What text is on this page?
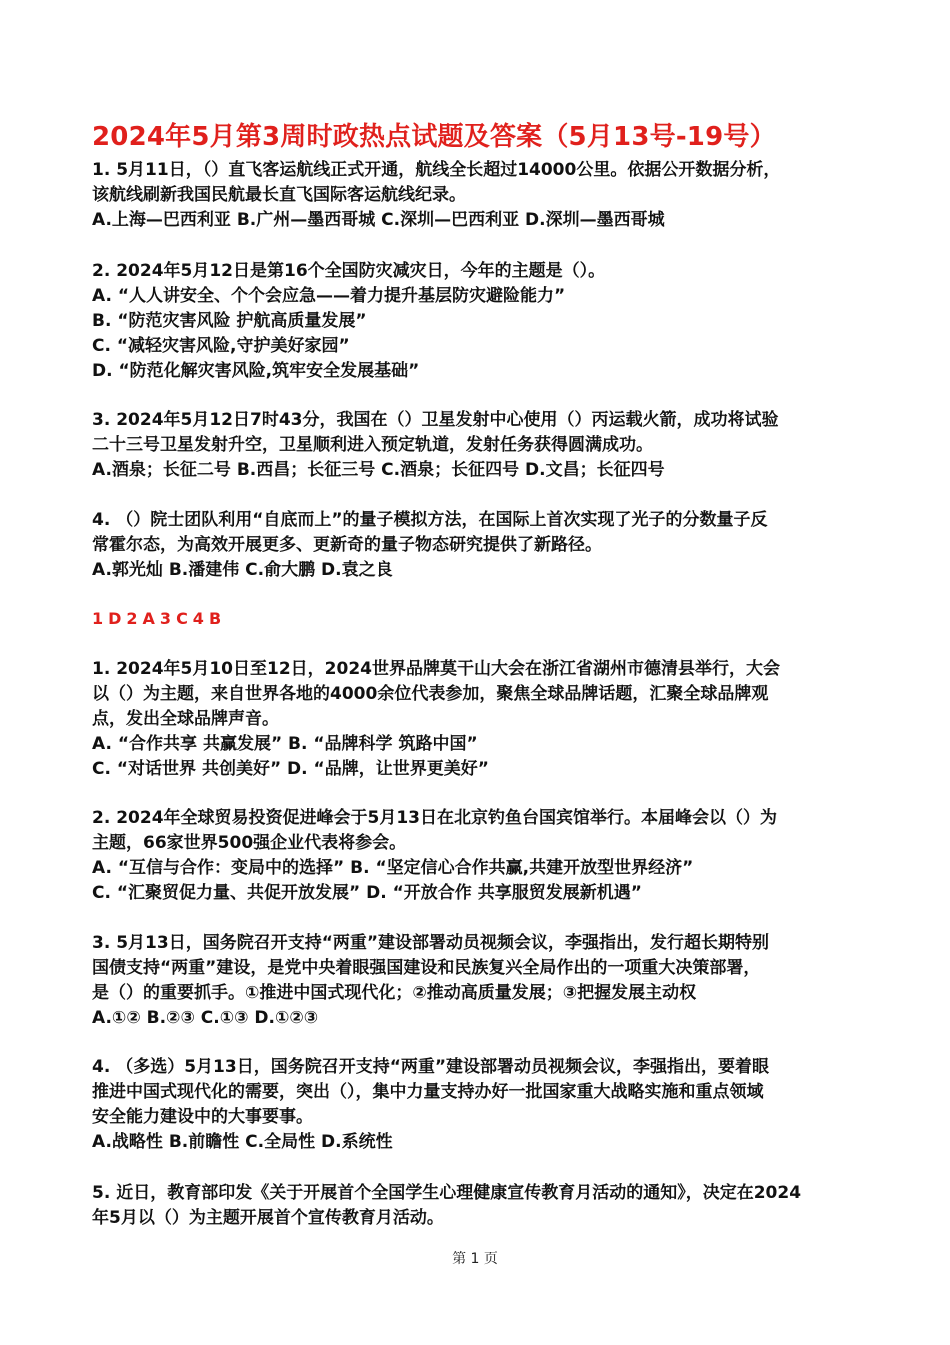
2024年5月第3周时政热点试题及答案（5月13号-19号）
1. 5月11日，（）直飞客运航线正式开通，航线全长超过14000公里。依据公开数据分析，
该航线刷新我国民航最长直飞国际客运航线纪录。
A.上海—巴西利亚 B.广州—墨西哥城 C.深圳—巴西利亚 D.深圳—墨西哥城
2. 2024年5月12日是第16个全国防灾减灾日，今年的主题是（）。
A. “人人讲安全、个个会应急——着力提升基层防灾避险能力”
B. “防范灾害风险 护航高质量发展”
C. “减轻灾害风险,守护美好家园”
D. “防范化解灾害风险,筑牢安全发展基础”
3. 2024年5月12日7时43分，我国在（）卫星发射中心使用（）丙运载火箭，成功将试验
二十三号卫星发射升空，卫星顺利进入预定轨道，发射任务获得圆满成功。
A.酒泉；长征二号 B.西昌；长征三号 C.酒泉；长征四号 D.文昌；长征四号
4. （）院士团队利用“自底而上”的量子模拟方法，在国际上首次实现了光子的分数量子反
常霍尔态，为高效开展更多、更新奇的量子物态研究提供了新路径。
A.郭光灿 B.潘建伟 C.俞大鹏 D.袁之良
1D2A3C4B
1. 2024年5月10日至12日，2024世界品牌莫干山大会在浙江省湖州市德清县举行，大会
以（）为主题，来自世界各地的4000余位代表参加，聚焦全球品牌话题，汇聚全球品牌观
点，发出全球品牌声音。
A. “合作共享 共赢发展” B. “品牌科学 筑路中国”
C. “对话世界 共创美好” D. “品牌，让世界更美好”
2. 2024年全球贸易投资促进峰会于5月13日在北京钓鱼台国宾馆举行。本届峰会以（）为
主题，66家世界500强企业代表将参会。
A. “互信与合作：变局中的选择” B. “坚定信心合作共赢,共建开放型世界经济”
C. “汇聚贸促力量、共促开放发展” D. “开放合作 共享服贸发展新机遇”
3. 5月13日，国务院召开支持“两重”建设部署动员视频会议，李强指出，发行超长期特别
国债支持“两重”建设，是党中央着眼强国建设和民族复兴全局作出的一项重大决策部署，
是（）的重要抓手。①推进中国式现代化；②推动高质量发展；③把握发展主动权
A.①② B.②③ C.①③ D.①②③
4. （多选）5月13日，国务院召开支持“两重”建设部署动员视频会议，李强指出，要着眼
推进中国式现代化的需要，突出（），集中力量支持办好一批国家重大战略实施和重点领域
安全能力建设中的大事要事。
A.战略性 B.前瞻性 C.全局性 D.系统性
5. 近日，教育部印发《关于开展首个全国学生心理健康宣传教育月活动的通知》，决定在2024
年5月以（）为主题开展首个宣传教育月活动。
第 1 页
